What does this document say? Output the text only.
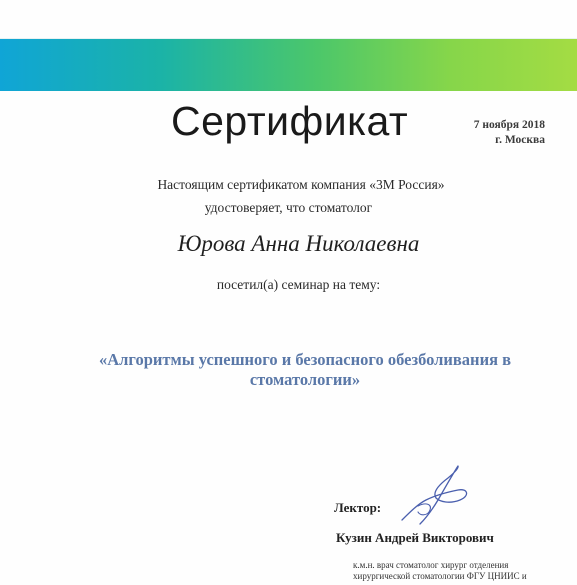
Сертификат	7 ноября 2018
г. Москва
Настоящим сертификатом компания «3M Россия»
удостоверяет, что стоматолог
Юрова Анна Николаевна
посетил(а) семинар на тему:
«Алгоритмы успешного и безопасного обезболивания в стоматологии»
Лектор:
Кузин Андрей Викторович
к.м.н. врач стоматолог хирург отделения хирургической стоматологии ФГУ ЦНИИС и
